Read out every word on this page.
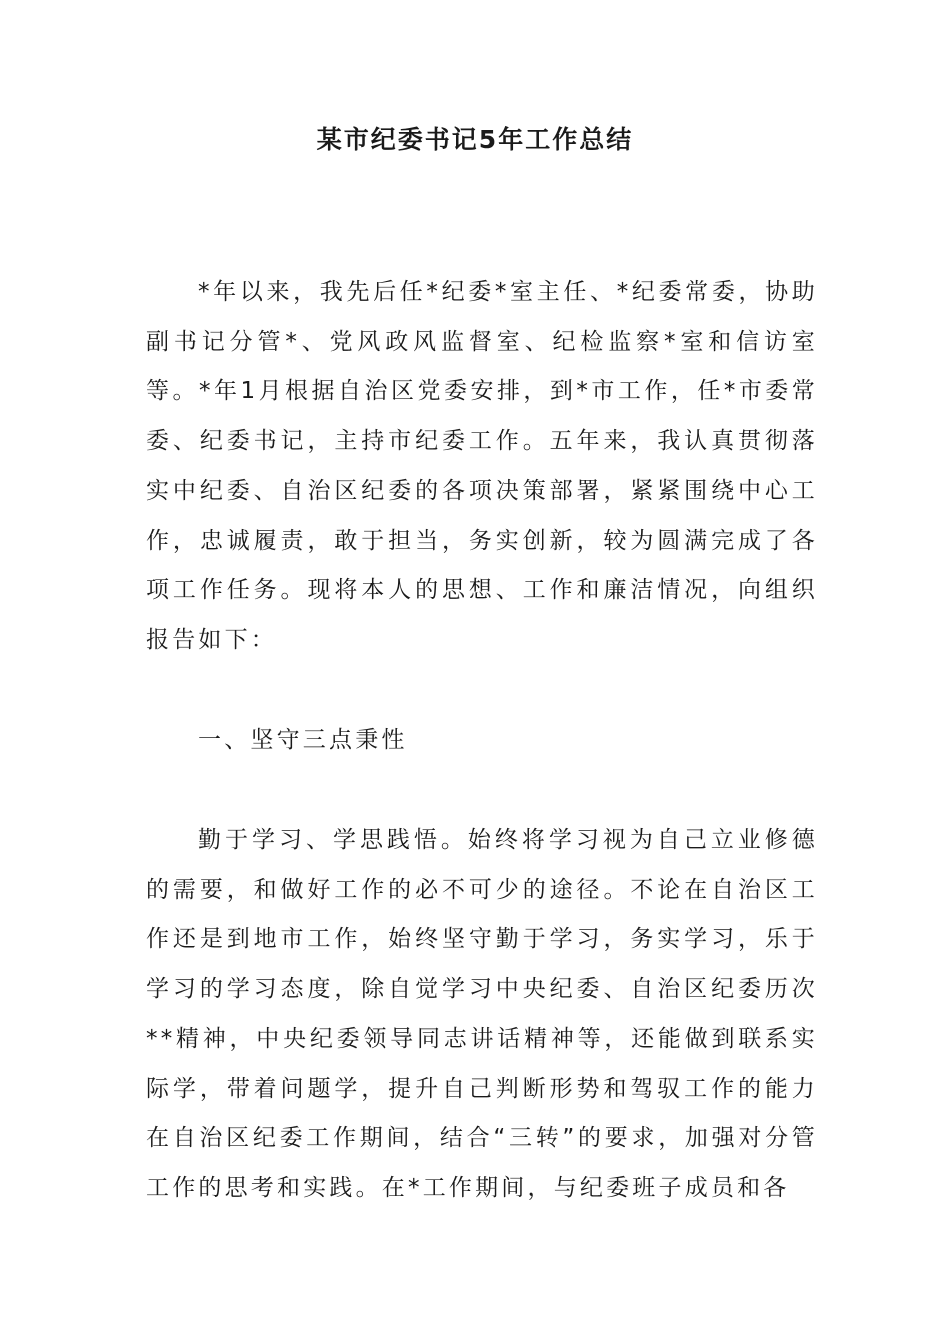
某市纪委书记5年工作总结

*年以来，我先后任*纪委*室主任、*纪委常委，协助副书记分管*、党风政风监督室、纪检监察*室和信访室等。*年1月根据自治区党委安排，到*市工作，任*市委常委、纪委书记，主持市纪委工作。五年来，我认真贯彻落实中纪委、自治区纪委的各项决策部署，紧紧围绕中心工作，忠诚履责，敢于担当，务实创新，较为圆满完成了各项工作任务。现将本人的思想、工作和廉洁情况，向组织报告如下：

一、坚守三点秉性

勤于学习、学思践悟。始终将学习视为自己立业修德的需要，和做好工作的必不可少的途径。不论在自治区工作还是到地市工作，始终坚守勤于学习，务实学习，乐于学习的学习态度，除自觉学习中央纪委、自治区纪委历次**精神，中央纪委领导同志讲话精神等，还能做到联系实际学，带着问题学，提升自己判断形势和驾驭工作的能力在自治区纪委工作期间，结合“三转”的要求，加强对分管工作的思考和实践。在*工作期间，与纪委班子成员和各
